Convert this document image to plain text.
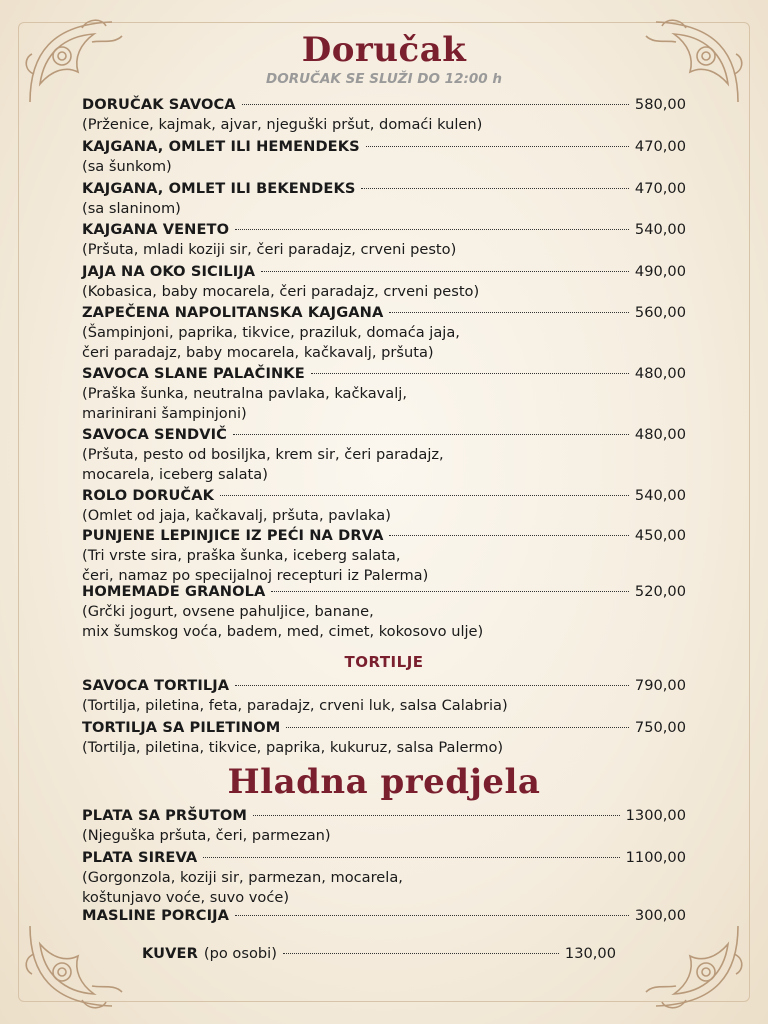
Doručak
DORUČAK SE SLUŽI DO 12:00 h
DORUČAK SAVOCA	580,00
(Prženice, kajmak, ajvar, njeguški pršut, domaći kulen)
KAJGANA, OMLET ILI HEMENDEKS	470,00
(sa šunkom)
KAJGANA, OMLET ILI BEKENDEKS	470,00
(sa slaninom)
KAJGANA VENETO	540,00
(Pršuta, mladi koziji sir, čeri paradajz, crveni pesto)
JAJA NA OKO SICILIJA	490,00
(Kobasica, baby mocarela, čeri paradajz, crveni pesto)
ZAPEČENA NAPOLITANSKA KAJGANA	560,00
(Šampinjoni, paprika, tikvice, praziluk, domaća jaja,
čeri paradajz, baby mocarela, kačkavalj, pršuta)
SAVOCA SLANE PALAČINKE	480,00
(Praška šunka, neutralna pavlaka, kačkavalj,
marinirani šampinjoni)
SAVOCA SENDVIČ	480,00
(Pršuta, pesto od bosiljka, krem sir, čeri paradajz,
mocarela, iceberg salata)
ROLO DORUČAK	540,00
(Omlet od jaja, kačkavalj, pršuta, pavlaka)
PUNJENE LEPINJICE IZ PEĆI NA DRVA	450,00
(Tri vrste sira, praška šunka, iceberg salata,
čeri, namaz po specijalnoj recepturi iz Palerma)
HOMEMADE GRANOLA	520,00
(Grčki jogurt, ovsene pahuljice, banane,
mix šumskog voća, badem, med, cimet, kokosovo ulje)
TORTILJE
SAVOCA TORTILJA	790,00
(Tortilja, piletina, feta, paradajz, crveni luk, salsa Calabria)
TORTILJA SA PILETINOM	750,00
(Tortilja, piletina, tikvice, paprika, kukuruz, salsa Palermo)
Hladna predjela
PLATA SA PRŠUTOM	1300,00
(Njeguška pršuta, čeri, parmezan)
PLATA SIREVA	1100,00
(Gorgonzola, koziji sir, parmezan, mocarela,
koštunjavo voće, suvo voće)
MASLINE PORCIJA	300,00
KUVER (po osobi)	130,00
